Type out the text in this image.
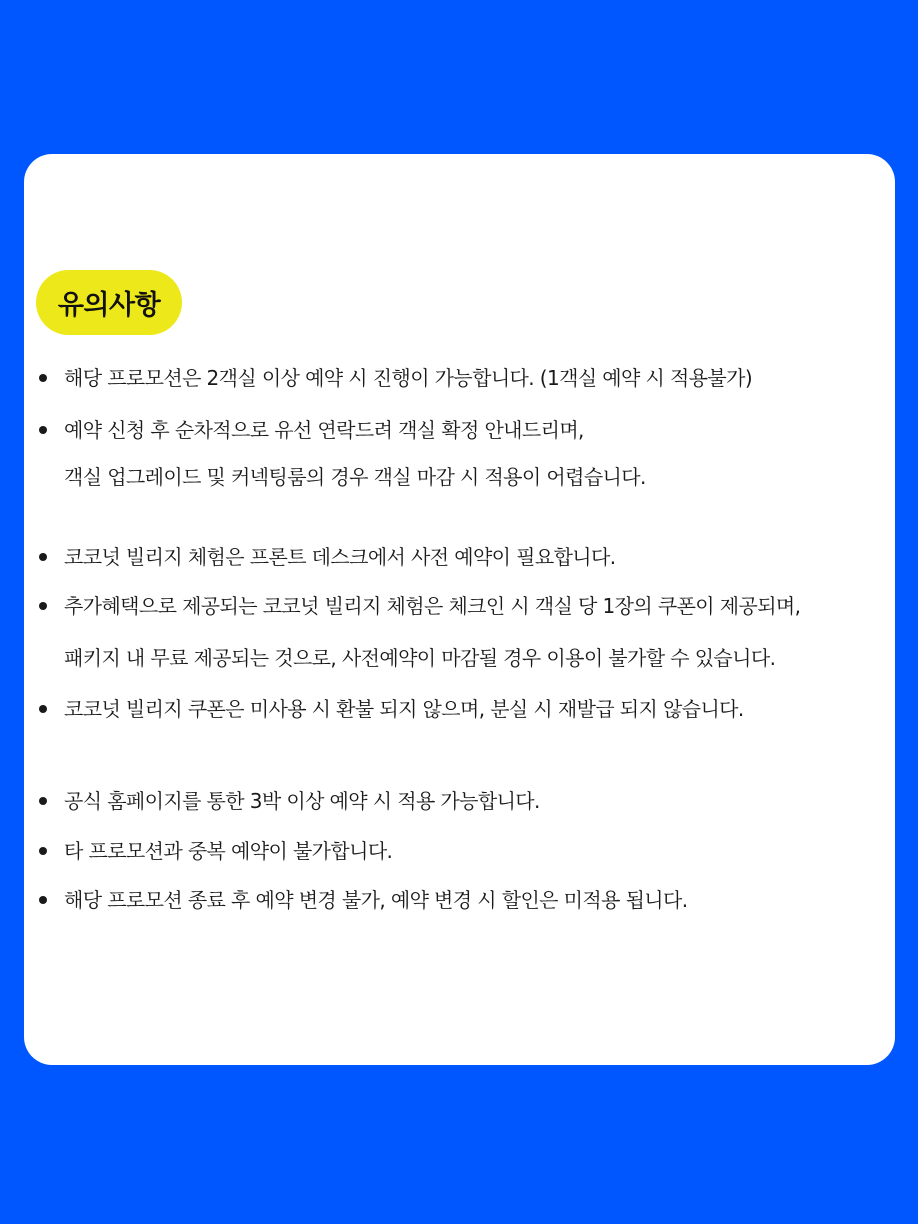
유의사항
해당 프로모션은 2객실 이상 예약 시 진행이 가능합니다. (1객실 예약 시 적용불가)
예약 신청 후 순차적으로 유선 연락드려 객실 확정 안내드리며,
객실 업그레이드 및 커넥팅룸의 경우 객실 마감 시 적용이 어렵습니다.
코코넛 빌리지 체험은 프론트 데스크에서 사전 예약이 필요합니다.
추가혜택으로 제공되는 코코넛 빌리지 체험은 체크인 시 객실 당 1장의 쿠폰이 제공되며,
패키지 내 무료 제공되는 것으로, 사전예약이 마감될 경우 이용이 불가할 수 있습니다.
코코넛 빌리지 쿠폰은 미사용 시 환불 되지 않으며, 분실 시 재발급 되지 않습니다.
공식 홈페이지를 통한 3박 이상 예약 시 적용 가능합니다.
타 프로모션과 중복 예약이 불가합니다.
해당 프로모션 종료 후 예약 변경 불가, 예약 변경 시 할인은 미적용 됩니다.
